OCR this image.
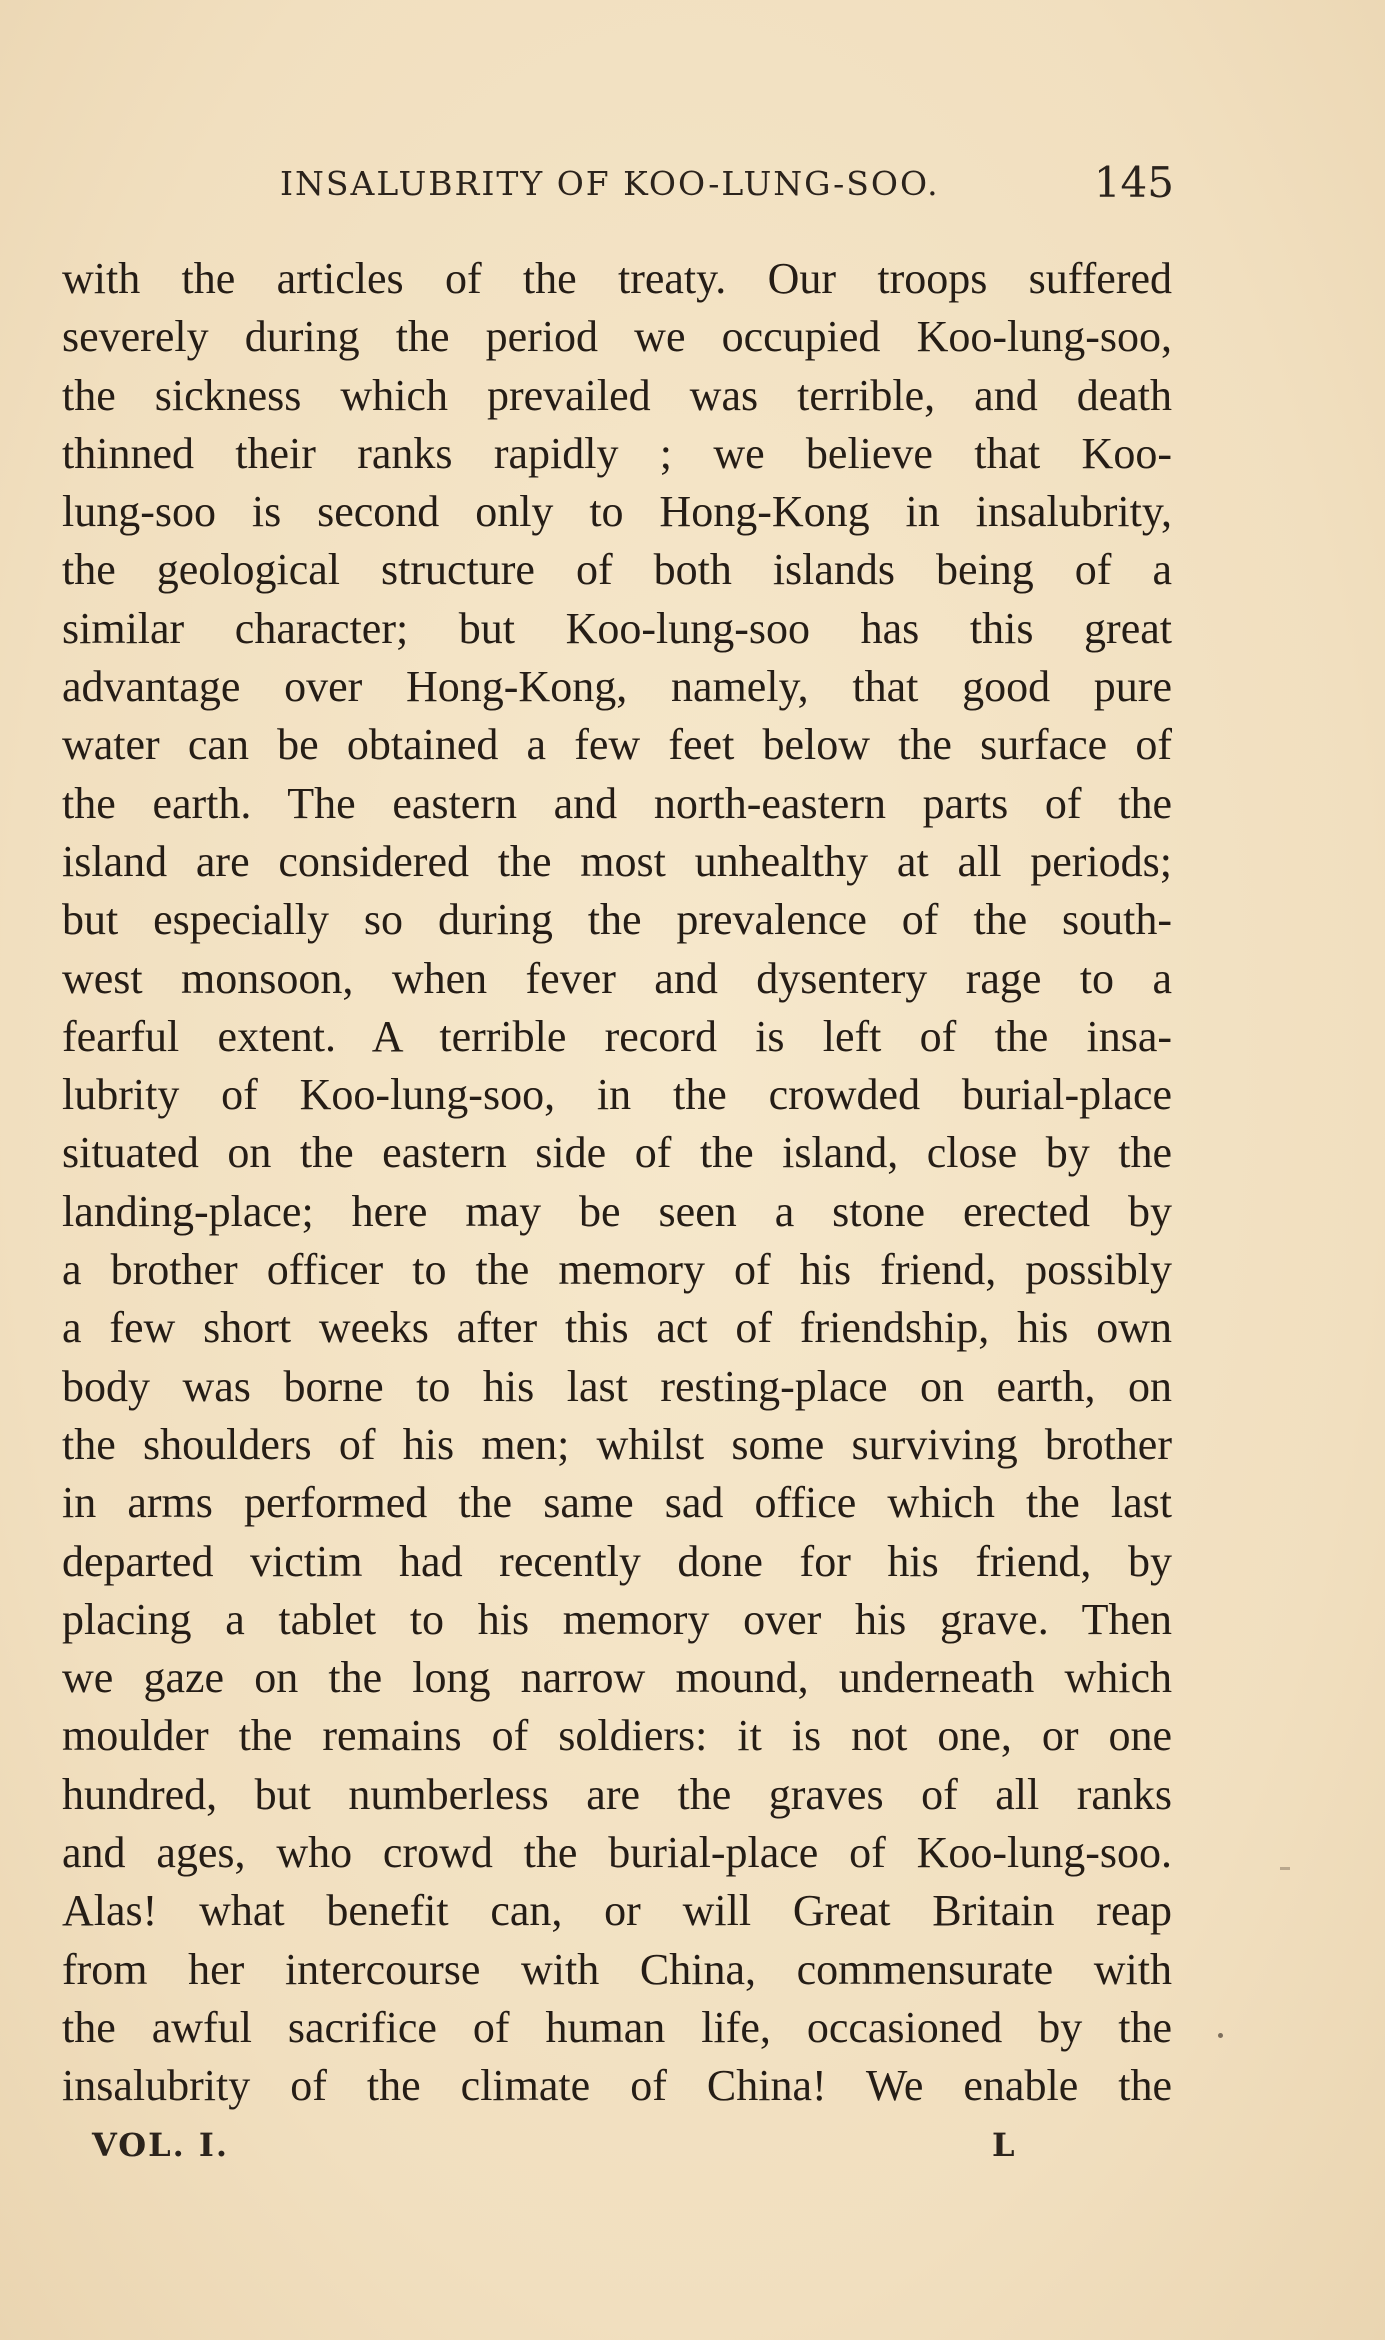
INSALUBRITY OF KOO-LUNG-SOO.	145
with the articles of the treaty. Our troops suffered
severely during the period we occupied Koo-lung-soo,
the sickness which prevailed was terrible, and death
thinned their ranks rapidly ; we believe that Koo-
lung-soo is second only to Hong-Kong in insalubrity,
the geological structure of both islands being of a
similar character; but Koo-lung-soo has this great
advantage over Hong-Kong, namely, that good pure
water can be obtained a few feet below the surface of
the earth. The eastern and north-eastern parts of the
island are considered the most unhealthy at all periods;
but especially so during the prevalence of the south-
west monsoon, when fever and dysentery rage to a
fearful extent. A terrible record is left of the insa-
lubrity of Koo-lung-soo, in the crowded burial-place
situated on the eastern side of the island, close by the
landing-place; here may be seen a stone erected by
a brother officer to the memory of his friend, possibly
a few short weeks after this act of friendship, his own
body was borne to his last resting-place on earth, on
the shoulders of his men; whilst some surviving brother
in arms performed the same sad office which the last
departed victim had recently done for his friend, by
placing a tablet to his memory over his grave. Then
we gaze on the long narrow mound, underneath which
moulder the remains of soldiers: it is not one, or one
hundred, but numberless are the graves of all ranks
and ages, who crowd the burial-place of Koo-lung-soo.
Alas! what benefit can, or will Great Britain reap
from her intercourse with China, commensurate with
the awful sacrifice of human life, occasioned by the
insalubrity of the climate of China! We enable the
VOL. I.	L
